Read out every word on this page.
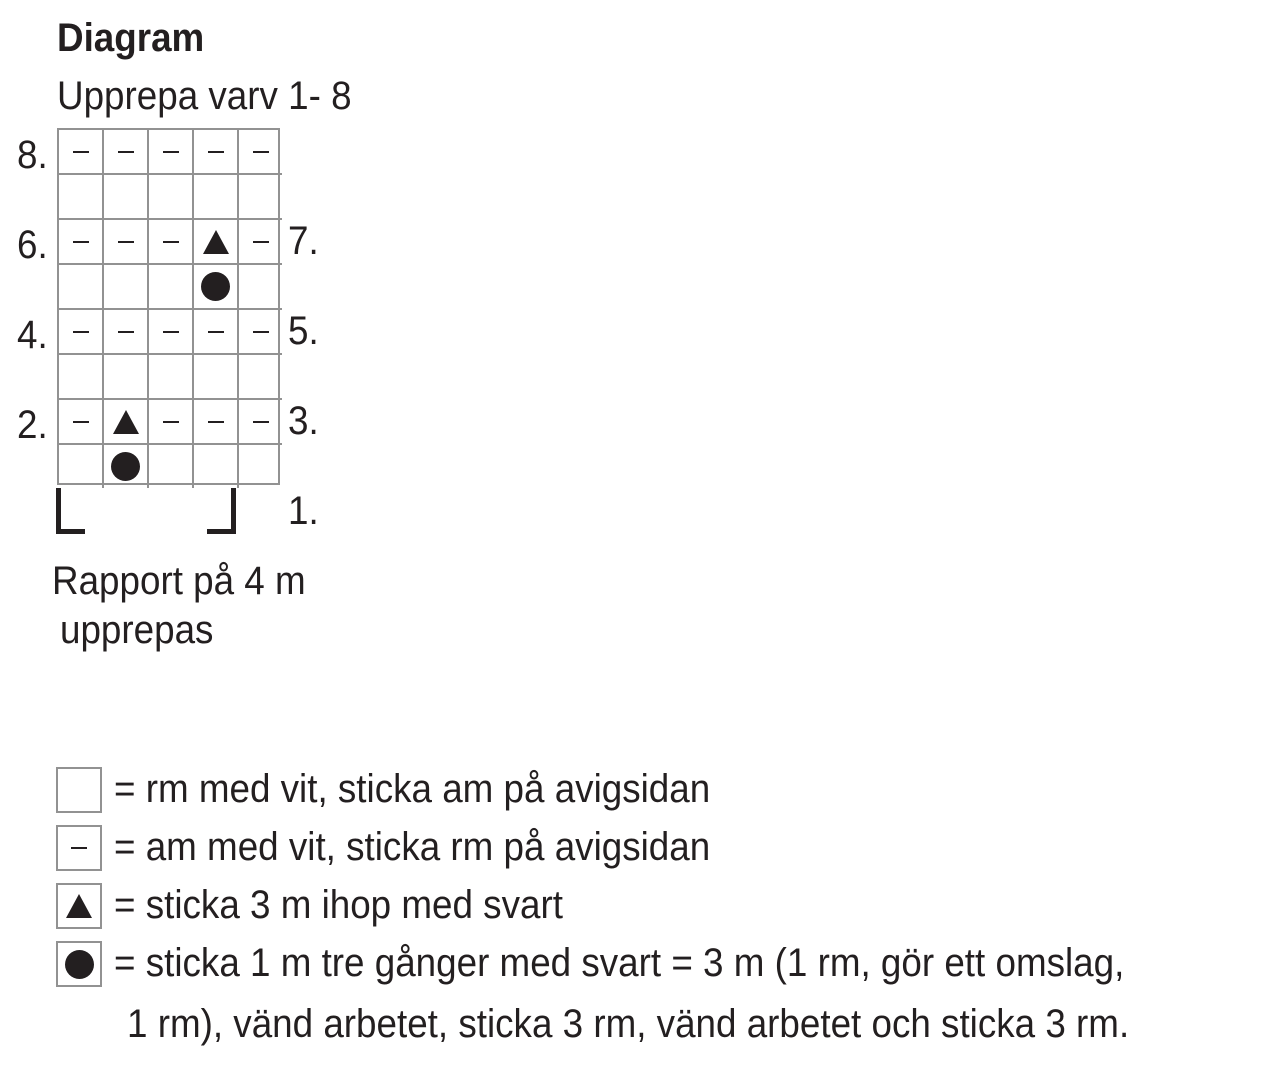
Diagram
Upprepa varv 1- 8
8.
7.
6.
5.
4.
3.
2.
1.
Rapport på 4 m
upprepas
= rm med vit, sticka am på avigsidan
= am med vit, sticka rm på avigsidan
= sticka 3 m ihop med svart
= sticka 1 m tre gånger med svart = 3 m (1 rm, gör ett omslag,
1 rm), vänd arbetet, sticka 3 rm, vänd arbetet och sticka 3 rm.
